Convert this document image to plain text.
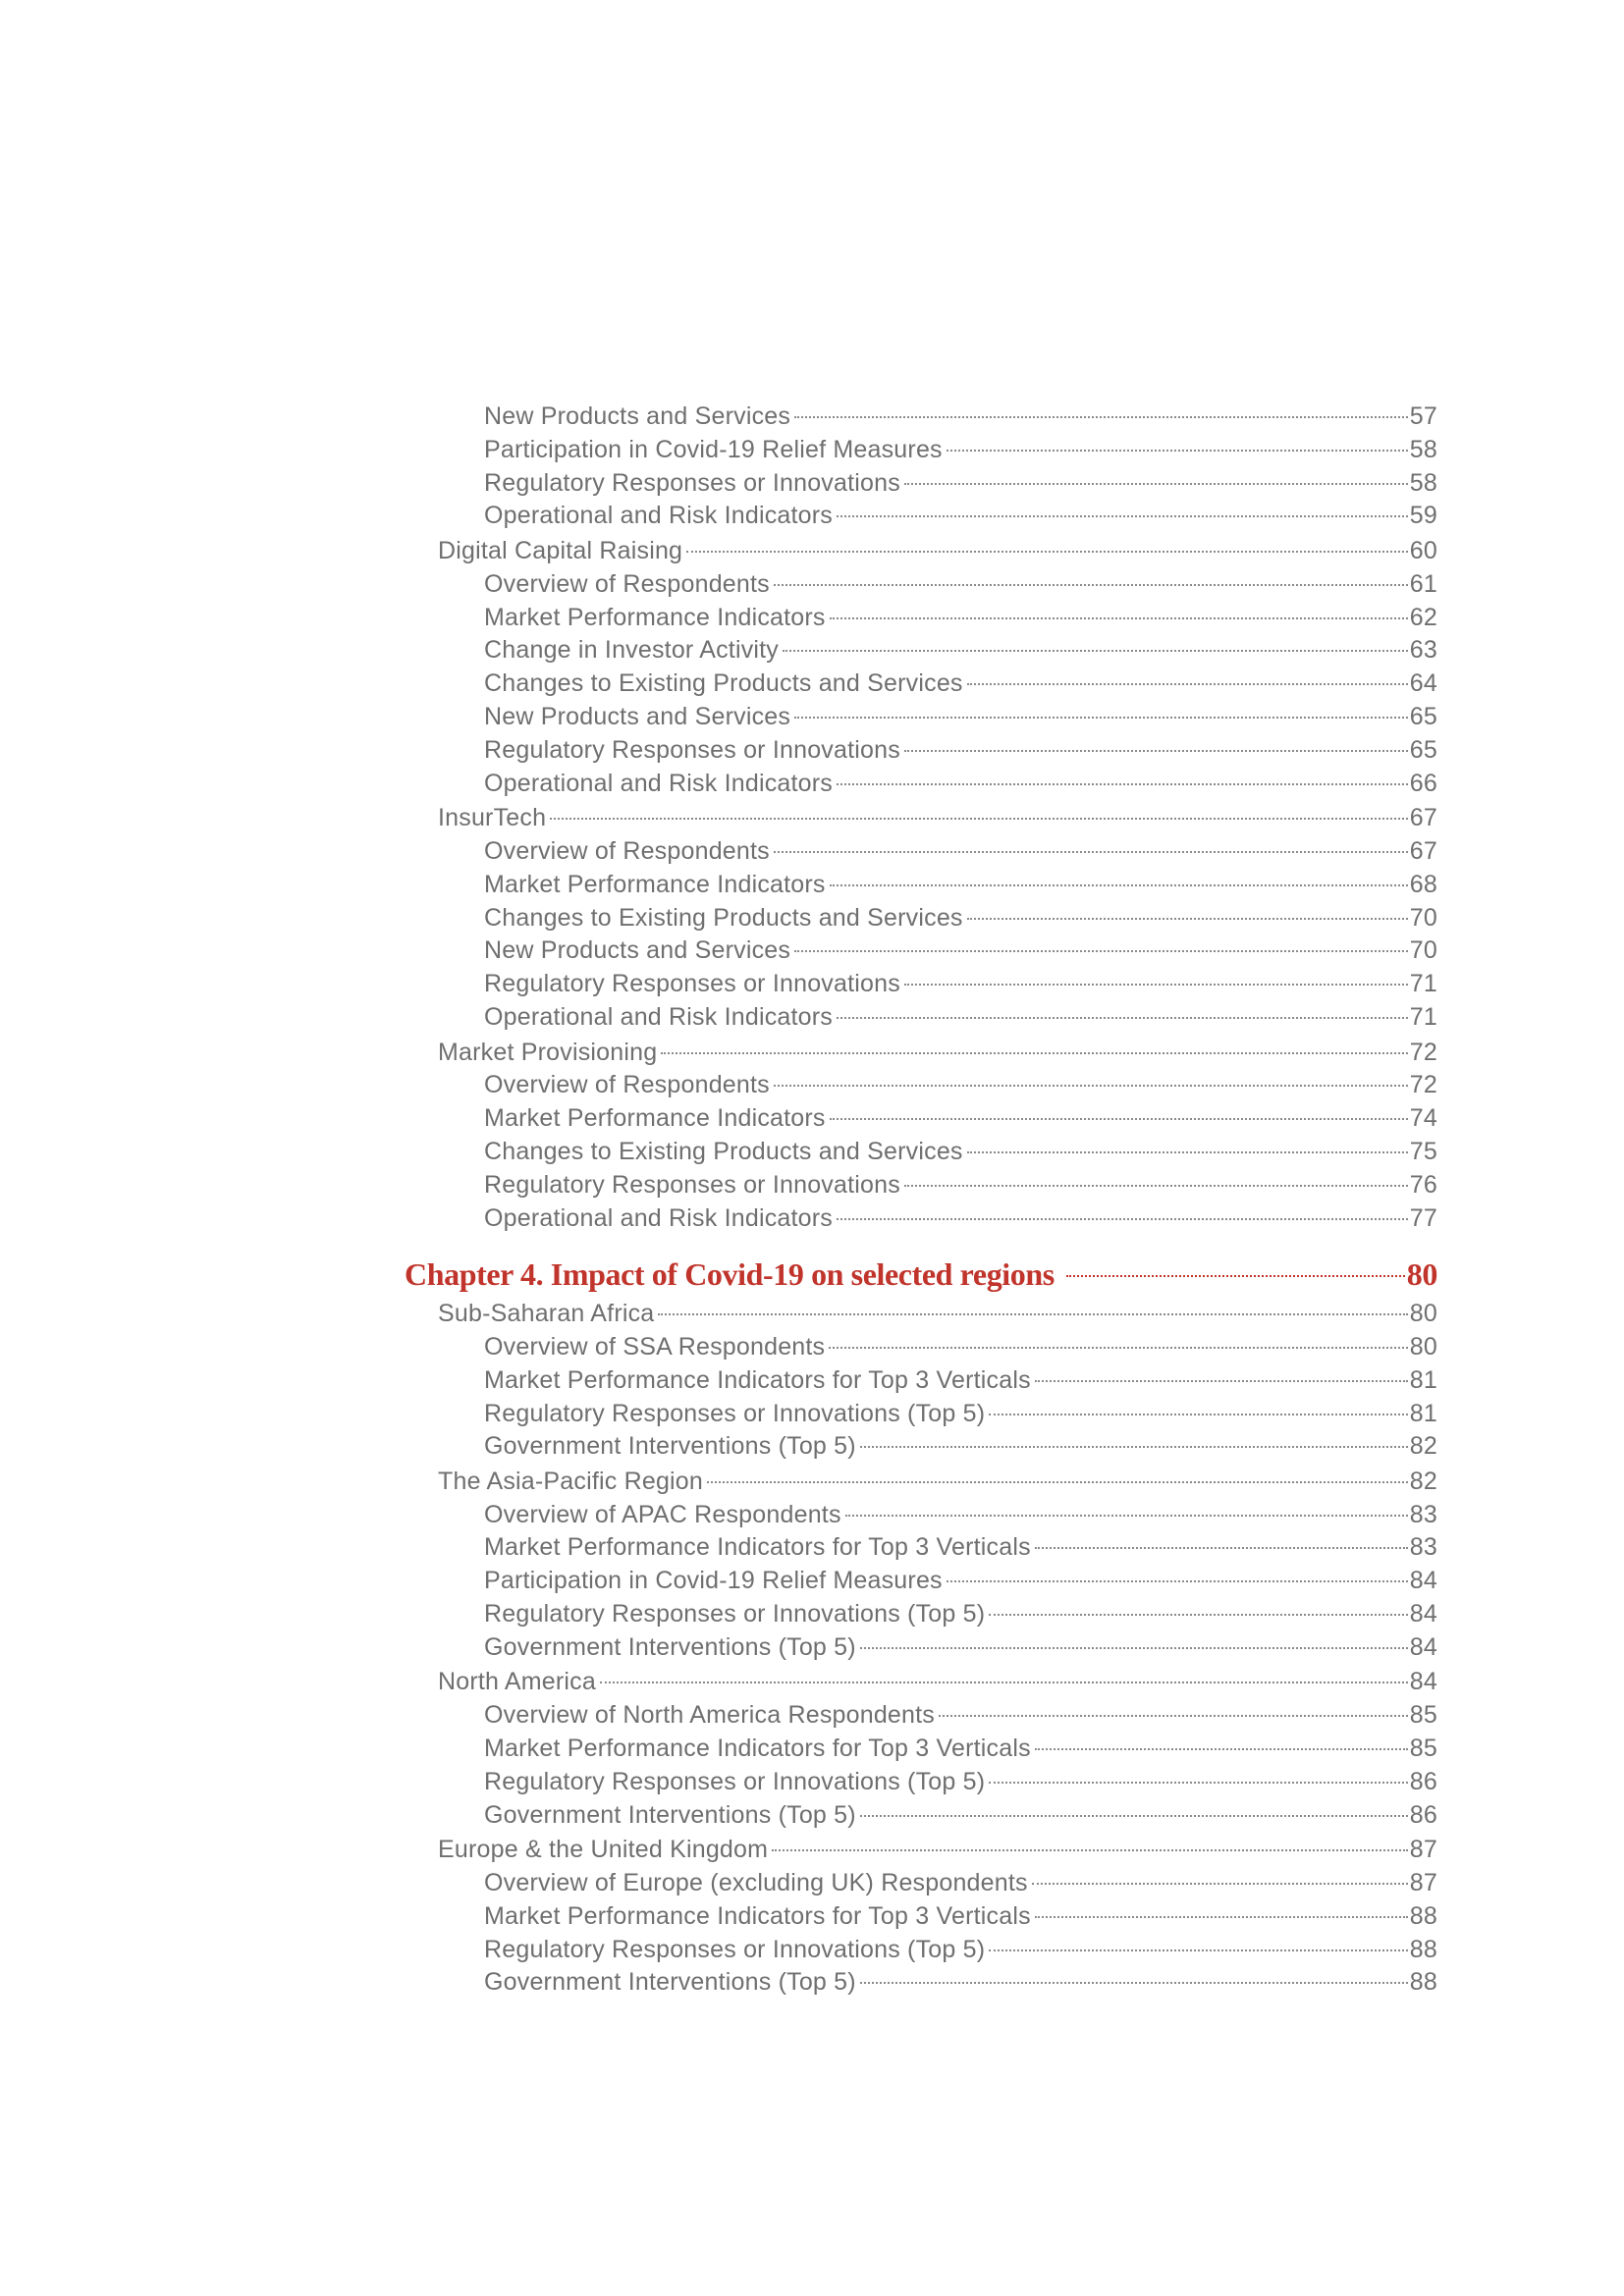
New Products and Services	57
Participation in Covid-19 Relief Measures	58
Regulatory Responses or Innovations	58
Operational and Risk Indicators	59
Digital Capital Raising	60
Overview of Respondents	61
Market Performance Indicators	62
Change in Investor Activity	63
Changes to Existing Products and Services	64
New Products and Services	65
Regulatory Responses or Innovations	65
Operational and Risk Indicators	66
InsurTech	67
Overview of Respondents	67
Market Performance Indicators	68
Changes to Existing Products and Services	70
New Products and Services	70
Regulatory Responses or Innovations	71
Operational and Risk Indicators	71
Market Provisioning	72
Overview of Respondents	72
Market Performance Indicators	74
Changes to Existing Products and Services	75
Regulatory Responses or Innovations	76
Operational and Risk Indicators	77
Chapter 4. Impact of Covid-19 on selected regions	80
Sub-Saharan Africa	80
Overview of SSA Respondents	80
Market Performance Indicators for Top 3 Verticals	81
Regulatory Responses or Innovations (Top 5)	81
Government Interventions (Top 5)	82
The Asia-Pacific Region	82
Overview of APAC Respondents	83
Market Performance Indicators for Top 3 Verticals	83
Participation in Covid-19 Relief Measures	84
Regulatory Responses or Innovations (Top 5)	84
Government Interventions (Top 5)	84
North America	84
Overview of North America Respondents	85
Market Performance Indicators for Top 3 Verticals	85
Regulatory Responses or Innovations (Top 5)	86
Government Interventions (Top 5)	86
Europe & the United Kingdom	87
Overview of Europe (excluding UK) Respondents	87
Market Performance Indicators for Top 3 Verticals	88
Regulatory Responses or Innovations (Top 5)	88
Government Interventions (Top 5)	88
